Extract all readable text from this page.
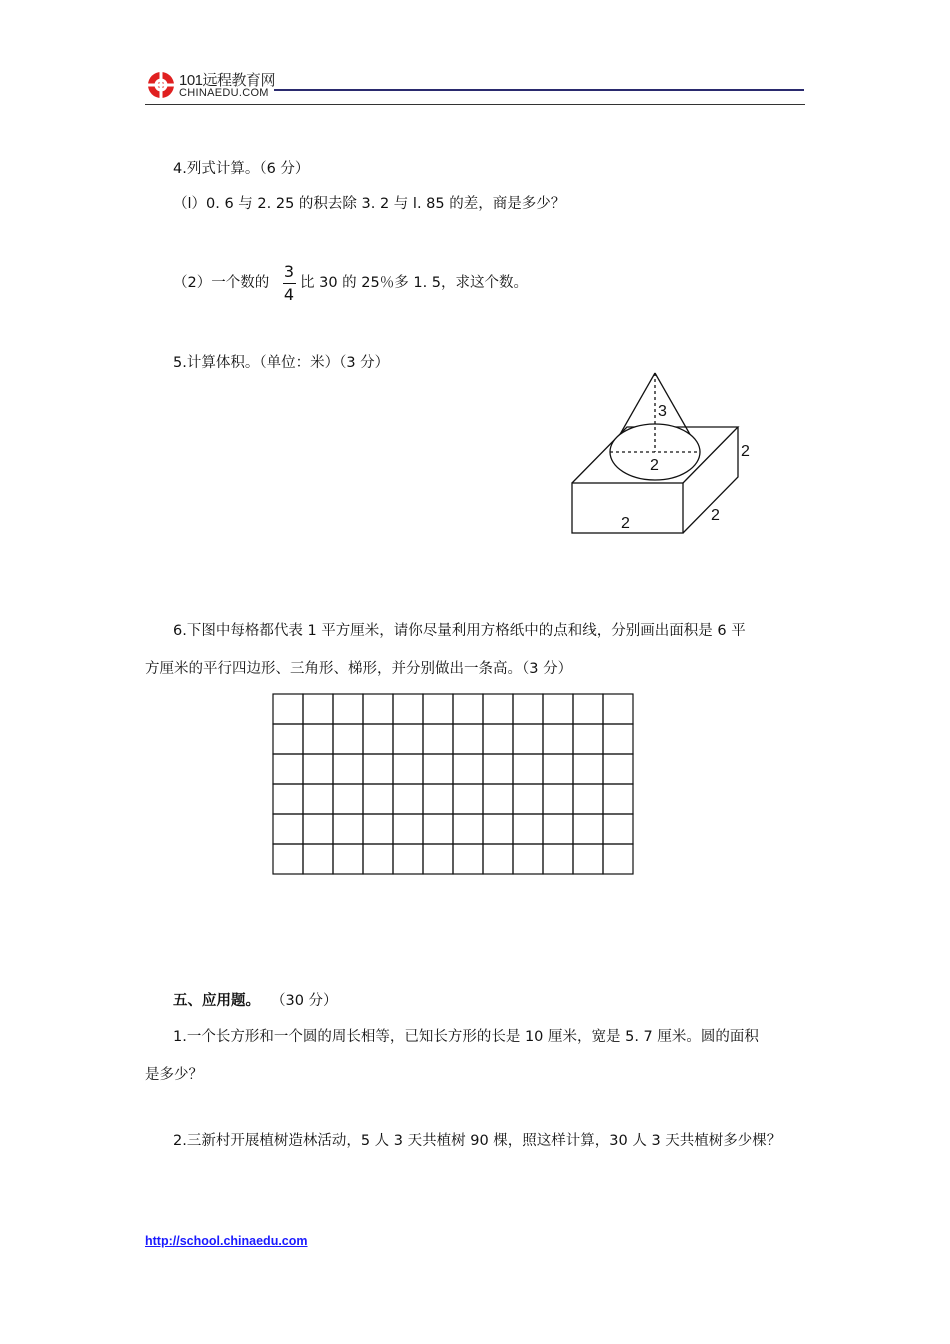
101远程教育网
CHINAEDU.COM
4.列式计算。（6 分）
（l）0. 6 与 2. 25 的积去除 3. 2 与 l. 85 的差，商是多少？
（2）一个数的
3
4
比 30 的 25％多 1. 5，求这个数。
5.计算体积。（单位：米）（3 分）
3
2
2
2
2
6.下图中每格都代表 1 平方厘米，请你尽量利用方格纸中的点和线，分别画出面积是 6 平
方厘米的平行四边形、三角形、梯形，并分别做出一条高。（3 分）
五、应用题。 （30 分）
1.一个长方形和一个圆的周长相等，已知长方形的长是 10 厘米，宽是 5. 7 厘米。圆的面积
是多少？
2.三新村开展植树造林活动，5 人 3 天共植树 90 棵，照这样计算，30 人 3 天共植树多少棵？
http://school.chinaedu.com
